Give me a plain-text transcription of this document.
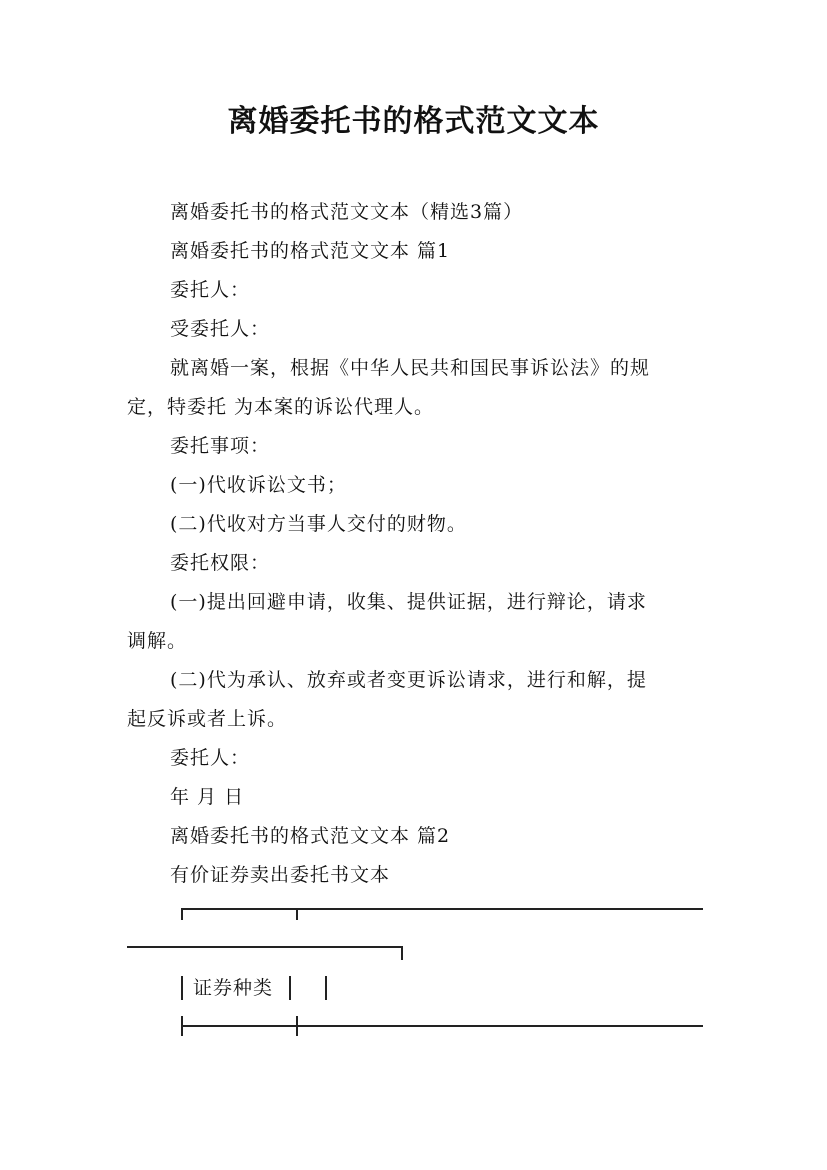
离婚委托书的格式范文文本
离婚委托书的格式范文文本（精选3篇）
离婚委托书的格式范文文本 篇1
委托人：
受委托人：
就离婚一案，根据《中华人民共和国民事诉讼法》的规
定，特委托 为本案的诉讼代理人。
委托事项：
(一)代收诉讼文书；
(二)代收对方当事人交付的财物。
委托权限：
(一)提出回避申请，收集、提供证据，进行辩论，请求
调解。
(二)代为承认、放弃或者变更诉讼请求，进行和解，提
起反诉或者上诉。
委托人：
年 月 日
离婚委托书的格式范文文本 篇2
有价证券卖出委托书文本
证券种类
